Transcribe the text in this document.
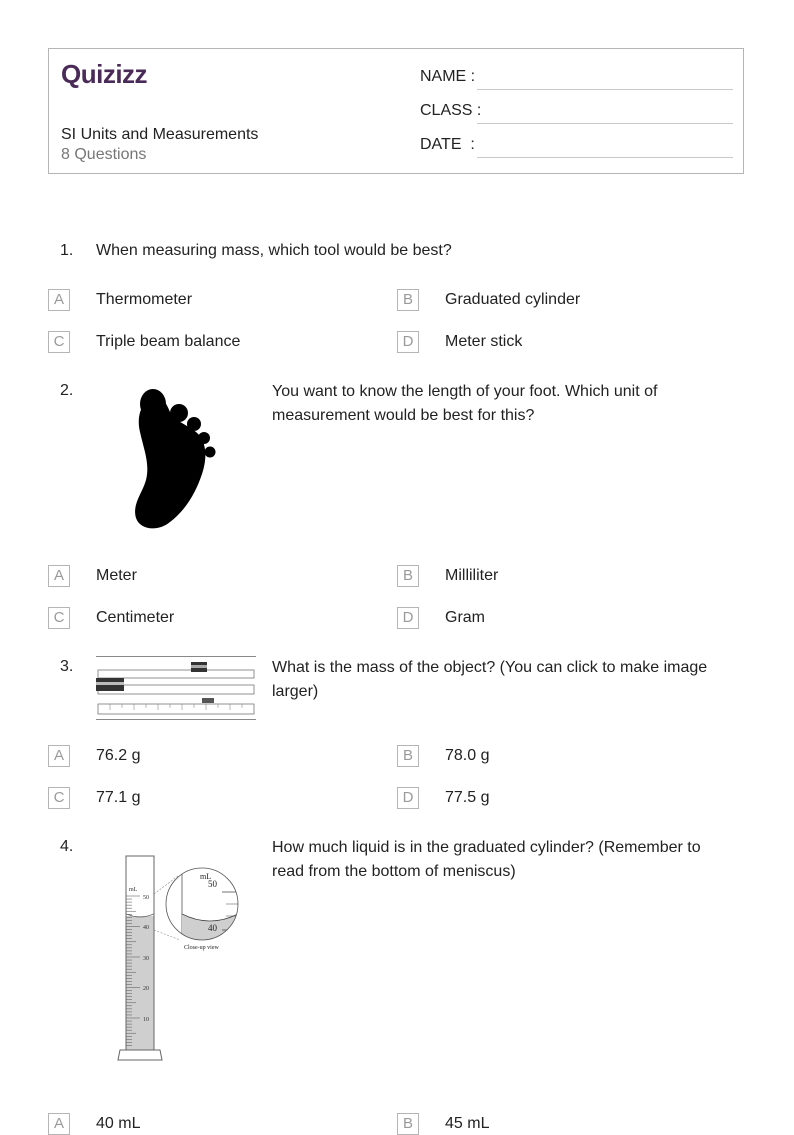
Quizizz
SI Units and Measurements
8 Questions
NAME :
CLASS :
DATE  :
1. When measuring mass, which tool would be best?
A	Thermometer	B	Graduated cylinder
C	Triple beam balance	D	Meter stick
2.	You want to know the length of your foot. Which unit of
measurement would be best for this?
A	Meter	B	Milliliter
C	Centimeter	D	Gram
3.	What is the mass of the object? (You can click to make image
larger)
A	76.2 g	B	78.0 g
C	77.1 g	D	77.5 g
4.
mL
50
40
30
20
10
mL
50
40
Close-up view
How much liquid is in the graduated cylinder? (Remember to
read from the bottom of meniscus)
A	40 mL	B	45 mL
